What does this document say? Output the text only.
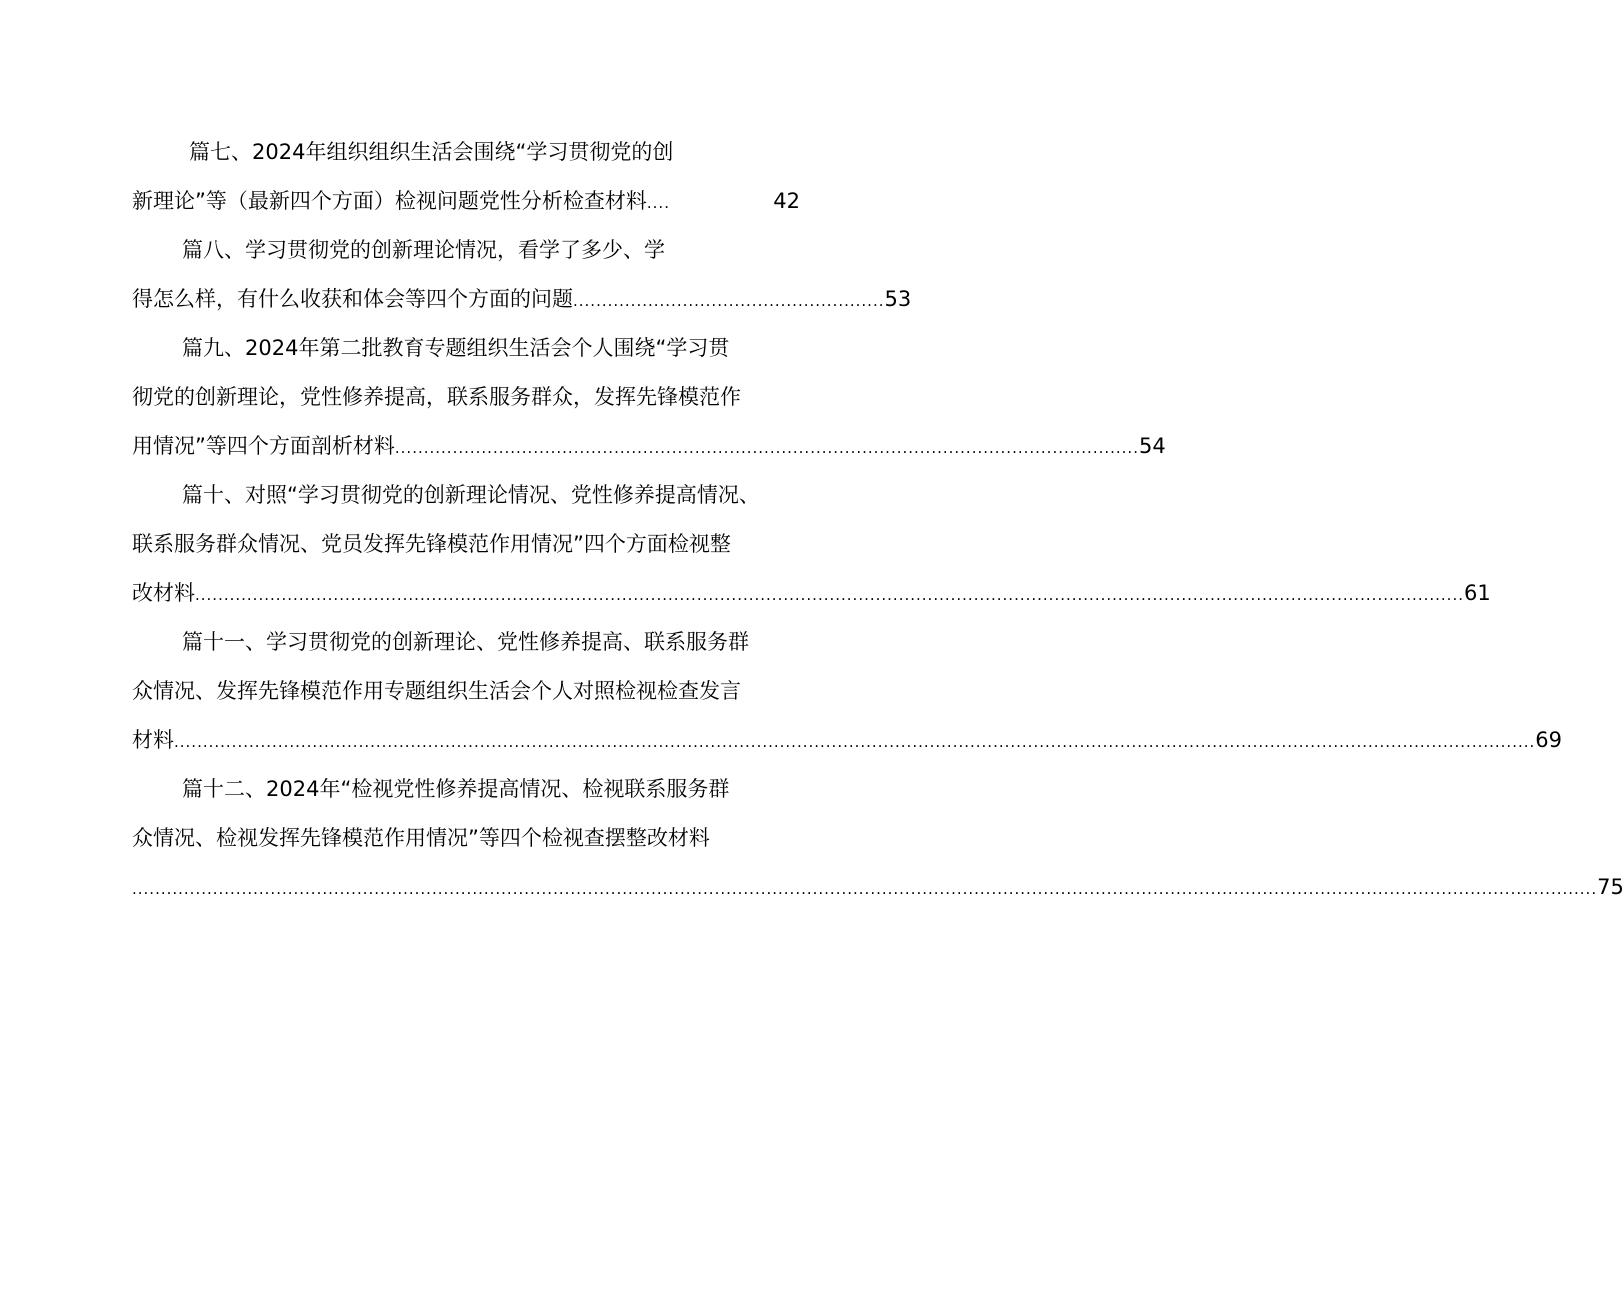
篇七、2024年组织组织生活会围绕“学习贯彻党的创
新理论”等（最新四个方面）检视问题党性分析检查材料 ....	42
篇八、学习贯彻党的创新理论情况，看学了多少、学
得怎么样，有什么收获和体会等四个方面的问题 ...................................................... 53
篇九、2024年第二批教育专题组织生活会个人围绕“学习贯
彻党的创新理论，党性修养提高，联系服务群众，发挥先锋模范作
用情况”等四个方面剖析材料 ................................................................................................................................. 54
篇十、对照“学习贯彻党的创新理论情况、党性修养提高情况、
联系服务群众情况、党员发挥先锋模范作用情况”四个方面检视整
改材料 ............................................................................................................................................................................................................................ 61
篇十一、学习贯彻党的创新理论、党性修养提高、联系服务群
众情况、发挥先锋模范作用专题组织生活会个人对照检视检查发言
材料 ............................................................................................................................................................................................................................................ 69
篇十二、2024年“检视党性修养提高情况、检视联系服务群
众情况、检视发挥先锋模范作用情况”等四个检视查摆整改材料
.............................................................................................................................................................................................................................................................. 75
